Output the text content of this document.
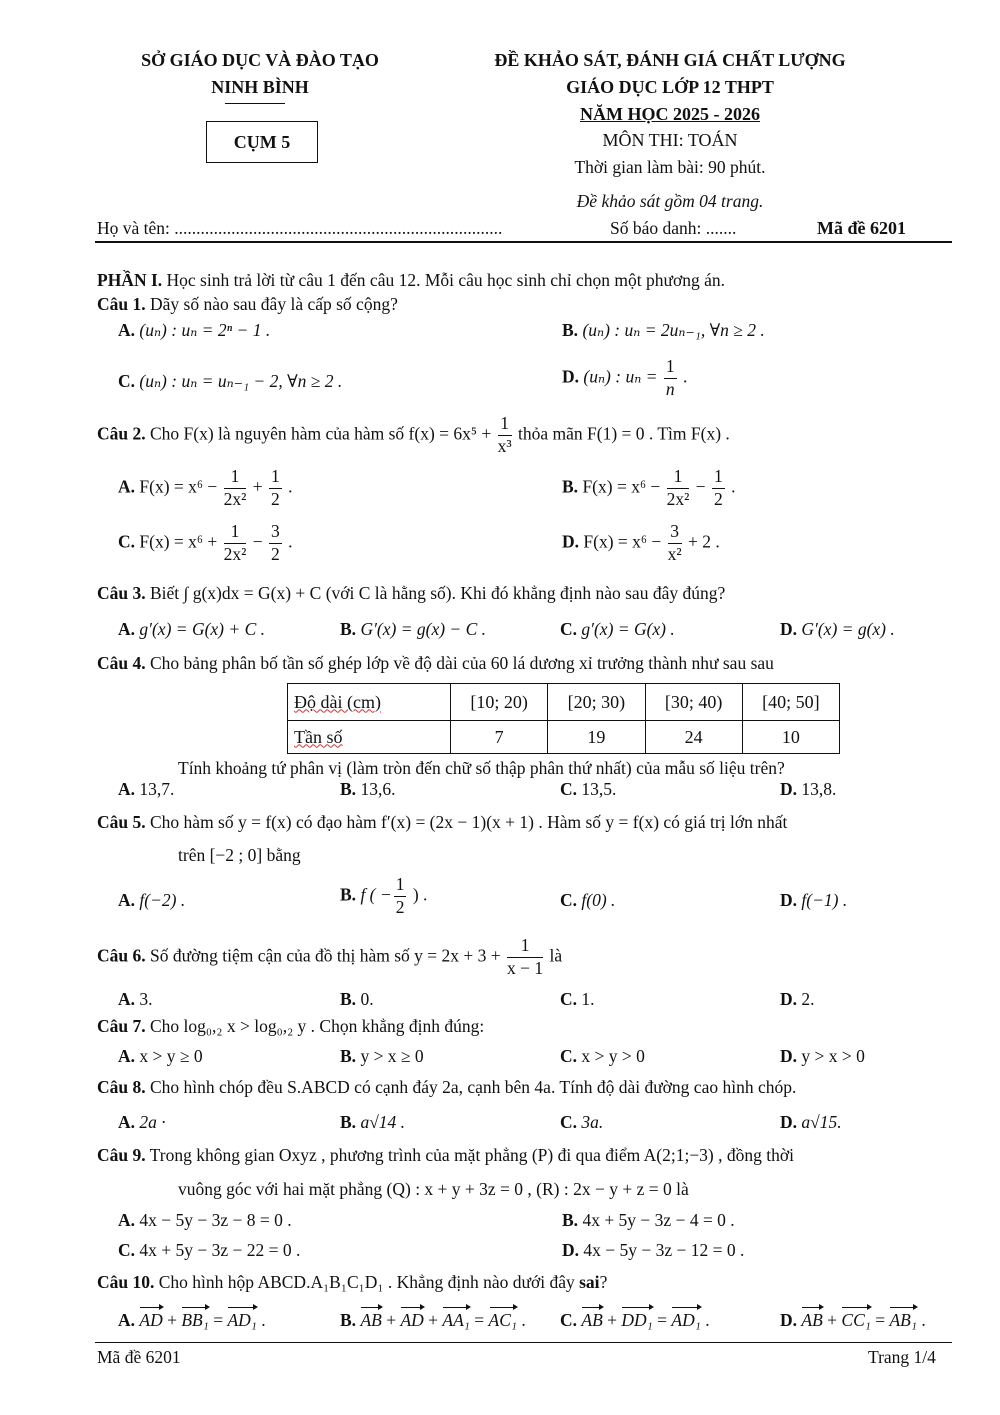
SỞ GIÁO DỤC VÀ ĐÀO TẠO
NINH BÌNH
CỤM 5
ĐỀ KHẢO SÁT, ĐÁNH GIÁ CHẤT LƯỢNG
GIÁO DỤC LỚP 12 THPT
NĂM HỌC 2025 - 2026
MÔN THI: TOÁN
Thời gian làm bài: 90 phút.
Đề khảo sát gồm 04 trang.
Họ và tên: ...........................................................................	Số báo danh: .......	Mã đề 6201
PHẦN I. Học sinh trả lời từ câu 1 đến câu 12. Mỗi câu học sinh chỉ chọn một phương án.
Câu 1. Dãy số nào sau đây là cấp số cộng?
A. (uₙ) : uₙ = 2ⁿ − 1 .	B. (uₙ) : uₙ = 2uₙ₋₁, ∀n ≥ 2 .
C. (uₙ) : uₙ = uₙ₋₁ − 2, ∀n ≥ 2 .	D. (uₙ) : $u_n = \frac{1}{n}$ .
Câu 2. Cho F(x) là nguyên hàm của hàm số $f(x) = 6x^5 + \frac{1}{\text{x³}}$ thỏa mãn F(1) = 0 . Tìm F(x) .
A. $F(x) = x^6 - \frac{1}{\text{2x²}} + \frac{1}{2}$ .	B. $F(x) = x^6 - \frac{1}{\text{2x²}} - \frac{1}{2}$ .
C. $F(x) = x^6 + \frac{1}{\text{2x²}} - \frac{3}{2}$ .	D. $F(x) = x^6 - \frac{3}{\text{x²}} + 2$ .
Câu 3. Biết ∫ g(x)dx = G(x) + C (với C là hằng số). Khi đó khẳng định nào sau đây đúng?
A. g′(x) = G(x) + C .	B. G′(x) = g(x) − C .	C. g′(x) = G(x) .	D. G′(x) = g(x) .
Câu 4. Cho bảng phân bố tần số ghép lớp về độ dài của 60 lá dương xỉ trưởng thành như sau sau
Độ dài (cm)	[10; 20)	[20; 30)	[30; 40)	[40; 50]
Tần số	7	19	24	10
Tính khoảng tứ phân vị (làm tròn đến chữ số thập phân thứ nhất) của mẫu số liệu trên?
A. 13,7.	B. 13,6.	C. 13,5.	D. 13,8.
Câu 5. Cho hàm số y = f(x) có đạo hàm f′(x) = (2x − 1)(x + 1) . Hàm số y = f(x) có giá trị lớn nhất
trên [−2 ; 0] bằng
A. f(−2) .	B. f ( − $\frac{1}{2}$ ) .	C. f(0) .	D. f(−1) .
Câu 6. Số đường tiệm cận của đồ thị hàm số $y = 2x + 3 + \frac{1}{x - 1}$ là
A. 3.	B. 0.	C. 1.	D. 2.
Câu 7. Cho log₀,₂ x > log₀,₂ y . Chọn khẳng định đúng:
A. x > y ≥ 0	B. y > x ≥ 0	C. x > y > 0	D. y > x > 0
Câu 8. Cho hình chóp đều S.ABCD có cạnh đáy 2a, cạnh bên 4a. Tính độ dài đường cao hình chóp.
A. 2a ·	B. a√14 .	C. 3a.	D. a√15.
Câu 9. Trong không gian Oxyz , phương trình của mặt phẳng (P) đi qua điểm A(2;1;−3) , đồng thời
vuông góc với hai mặt phẳng (Q) : x + y + 3z = 0 , (R) : 2x − y + z = 0 là
A. 4x − 5y − 3z − 8 = 0 .	B. 4x + 5y − 3z − 4 = 0 .
C. 4x + 5y − 3z − 22 = 0 .	D. 4x − 5y − 3z − 12 = 0 .
Câu 10. Cho hình hộp ABCD.A₁B₁C₁D₁ . Khẳng định nào dưới đây sai?
A. AD + BB₁ = AD₁ .	B. AB + AD + AA₁ = AC₁ . C. AB + DD₁ = AD₁ .	D. AB + CC₁ = AB₁ .
Mã đề 6201	Trang 1/4
